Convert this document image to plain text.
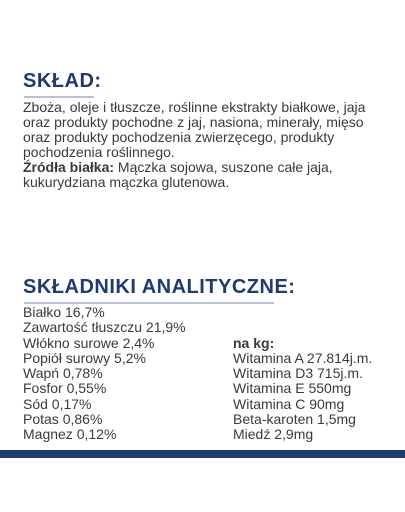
SKŁAD:

Zboża, oleje i tłuszcze, roślinne ekstrakty białkowe, jaja oraz produkty pochodne z jaj, nasiona, minerały, mięso oraz produkty pochodzenia zwierzęcego, produkty pochodzenia roślinnego.

Źródła białka: Mączka sojowa, suszone całe jaja, kukurydziana mączka glutenowa.

SKŁADNIKI ANALITYCZNE:
Białko 16,7%
Zawartość tłuszczu 21,9%
Włókno surowe 2,4%
Popiół surowy 5,2%
Wapń 0,78%
Fosfor 0,55%
Sód 0,17%
Potas 0,86%
Magnez 0,12%

na kg:
Witamina A 27.814j.m.
Witamina D3 715j.m.
Witamina E 550mg
Witamina C 90mg
Beta-karoten 1,5mg
Miedź 2,9mg
